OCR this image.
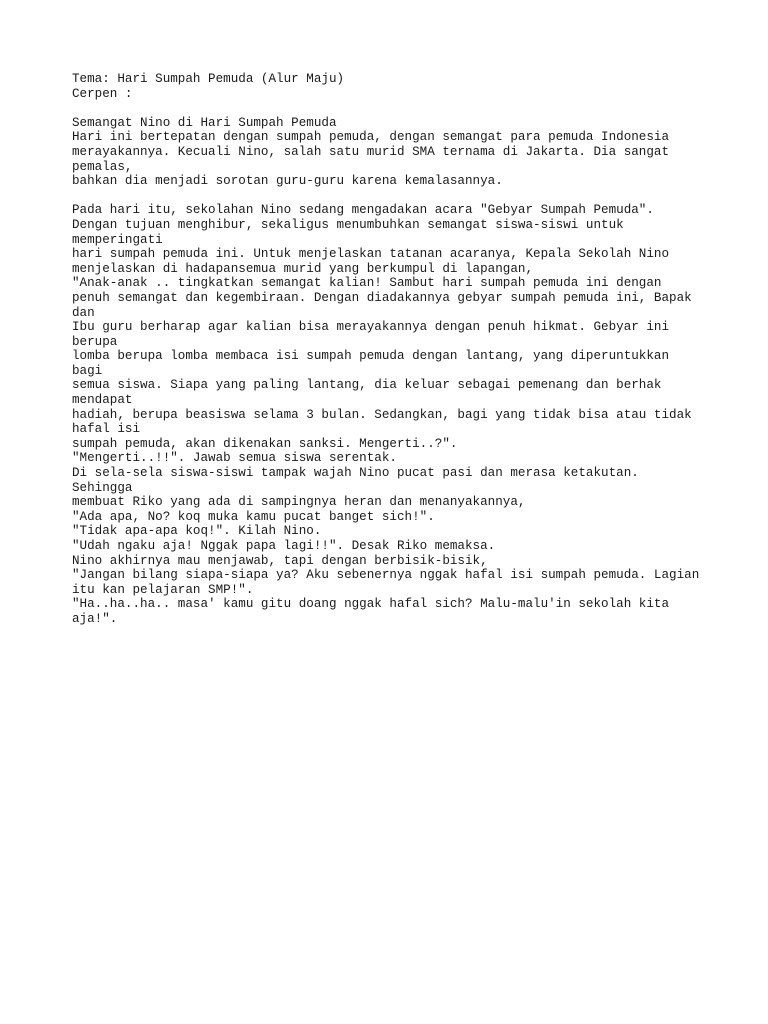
Tema: Hari Sumpah Pemuda (Alur Maju)
Cerpen :
Semangat Nino di Hari Sumpah Pemuda
Hari ini bertepatan dengan sumpah pemuda, dengan semangat para pemuda Indonesia
merayakannya. Kecuali Nino, salah satu murid SMA ternama di Jakarta. Dia sangat
pemalas,
bahkan dia menjadi sorotan guru-guru karena kemalasannya.
Pada hari itu, sekolahan Nino sedang mengadakan acara "Gebyar Sumpah Pemuda".
Dengan tujuan menghibur, sekaligus menumbuhkan semangat siswa-siswi untuk
memperingati
hari sumpah pemuda ini. Untuk menjelaskan tatanan acaranya, Kepala Sekolah Nino
menjelaskan di hadapansemua murid yang berkumpul di lapangan,
"Anak-anak .. tingkatkan semangat kalian! Sambut hari sumpah pemuda ini dengan
penuh semangat dan kegembiraan. Dengan diadakannya gebyar sumpah pemuda ini, Bapak
dan
Ibu guru berharap agar kalian bisa merayakannya dengan penuh hikmat. Gebyar ini
berupa
lomba berupa lomba membaca isi sumpah pemuda dengan lantang, yang diperuntukkan
bagi
semua siswa. Siapa yang paling lantang, dia keluar sebagai pemenang dan berhak
mendapat
hadiah, berupa beasiswa selama 3 bulan. Sedangkan, bagi yang tidak bisa atau tidak
hafal isi
sumpah pemuda, akan dikenakan sanksi. Mengerti..?".
"Mengerti..!!". Jawab semua siswa serentak.
Di sela-sela siswa-siswi tampak wajah Nino pucat pasi dan merasa ketakutan.
Sehingga
membuat Riko yang ada di sampingnya heran dan menanyakannya,
"Ada apa, No? koq muka kamu pucat banget sich!".
"Tidak apa-apa koq!". Kilah Nino.
"Udah ngaku aja! Nggak papa lagi!!". Desak Riko memaksa.
Nino akhirnya mau menjawab, tapi dengan berbisik-bisik,
"Jangan bilang siapa-siapa ya? Aku sebenernya nggak hafal isi sumpah pemuda. Lagian
itu kan pelajaran SMP!".
"Ha..ha..ha.. masa' kamu gitu doang nggak hafal sich? Malu-malu'in sekolah kita
aja!".
